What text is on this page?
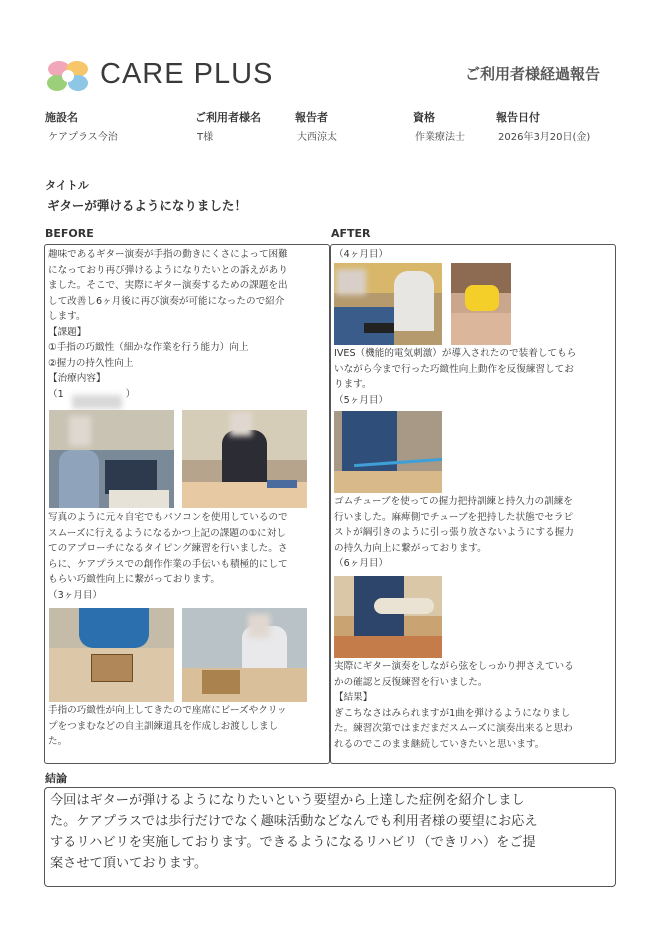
CARE PLUS	ご利用者様経過報告
施設名
ケアプラス今治
ご利用者様名
T様
報告者
大西涼太
資格
作業療法士
報告日付
2026年3月20日(金)
タイトル
ギターが弾けるようになりました！
BEFORE	AFTER
趣味であるギター演奏が手指の動きにくさによって困難
になっており再び弾けるようになりたいとの訴えがあり
ました。そこで、実際にギター演奏するための課題を出
して改善し6ヶ月後に再び演奏が可能になったので紹介
します。
【課題】
①手指の巧緻性（細かな作業を行う能力）向上
②握力の持久性向上
【治療内容】
（1	）
写真のように元々自宅でもパソコンを使用しているので
スムーズに行えるようになるかつ上記の課題の①に対し
てのアプローチになるタイピング練習を行いました。さ
らに、ケアプラスでの創作作業の手伝いも積極的にして
もらい巧緻性向上に繋がっております。
（3ヶ月目）
手指の巧緻性が向上してきたので座席にビーズやクリッ
プをつまむなどの自主訓練道具を作成しお渡ししまし
た。
（4ヶ月目）
IVES（機能的電気刺激）が導入されたので装着してもら
いながら今まで行った巧緻性向上動作を反復練習してお
ります。
（5ヶ月目）
ゴムチューブを使っての握力把持訓練と持久力の訓練を
行いました。麻痺側でチューブを把持した状態でセラピ
ストが綱引きのように引っ張り放さないようにする握力
の持久力向上に繋がっております。
（6ヶ月目）
実際にギター演奏をしながら弦をしっかり押さえている
かの確認と反復練習を行いました。
【結果】
ぎこちなさはみられますが1曲を弾けるようになりまし
た。練習次第ではまだまだスムーズに演奏出来ると思わ
れるのでこのまま継続していきたいと思います。
結論
今回はギターが弾けるようになりたいという要望から上達した症例を紹介しまし
た。ケアプラスでは歩行だけでなく趣味活動などなんでも利用者様の要望にお応え
するリハビリを実施しております。できるようになるリハビリ（できリハ）をご提
案させて頂いております。
